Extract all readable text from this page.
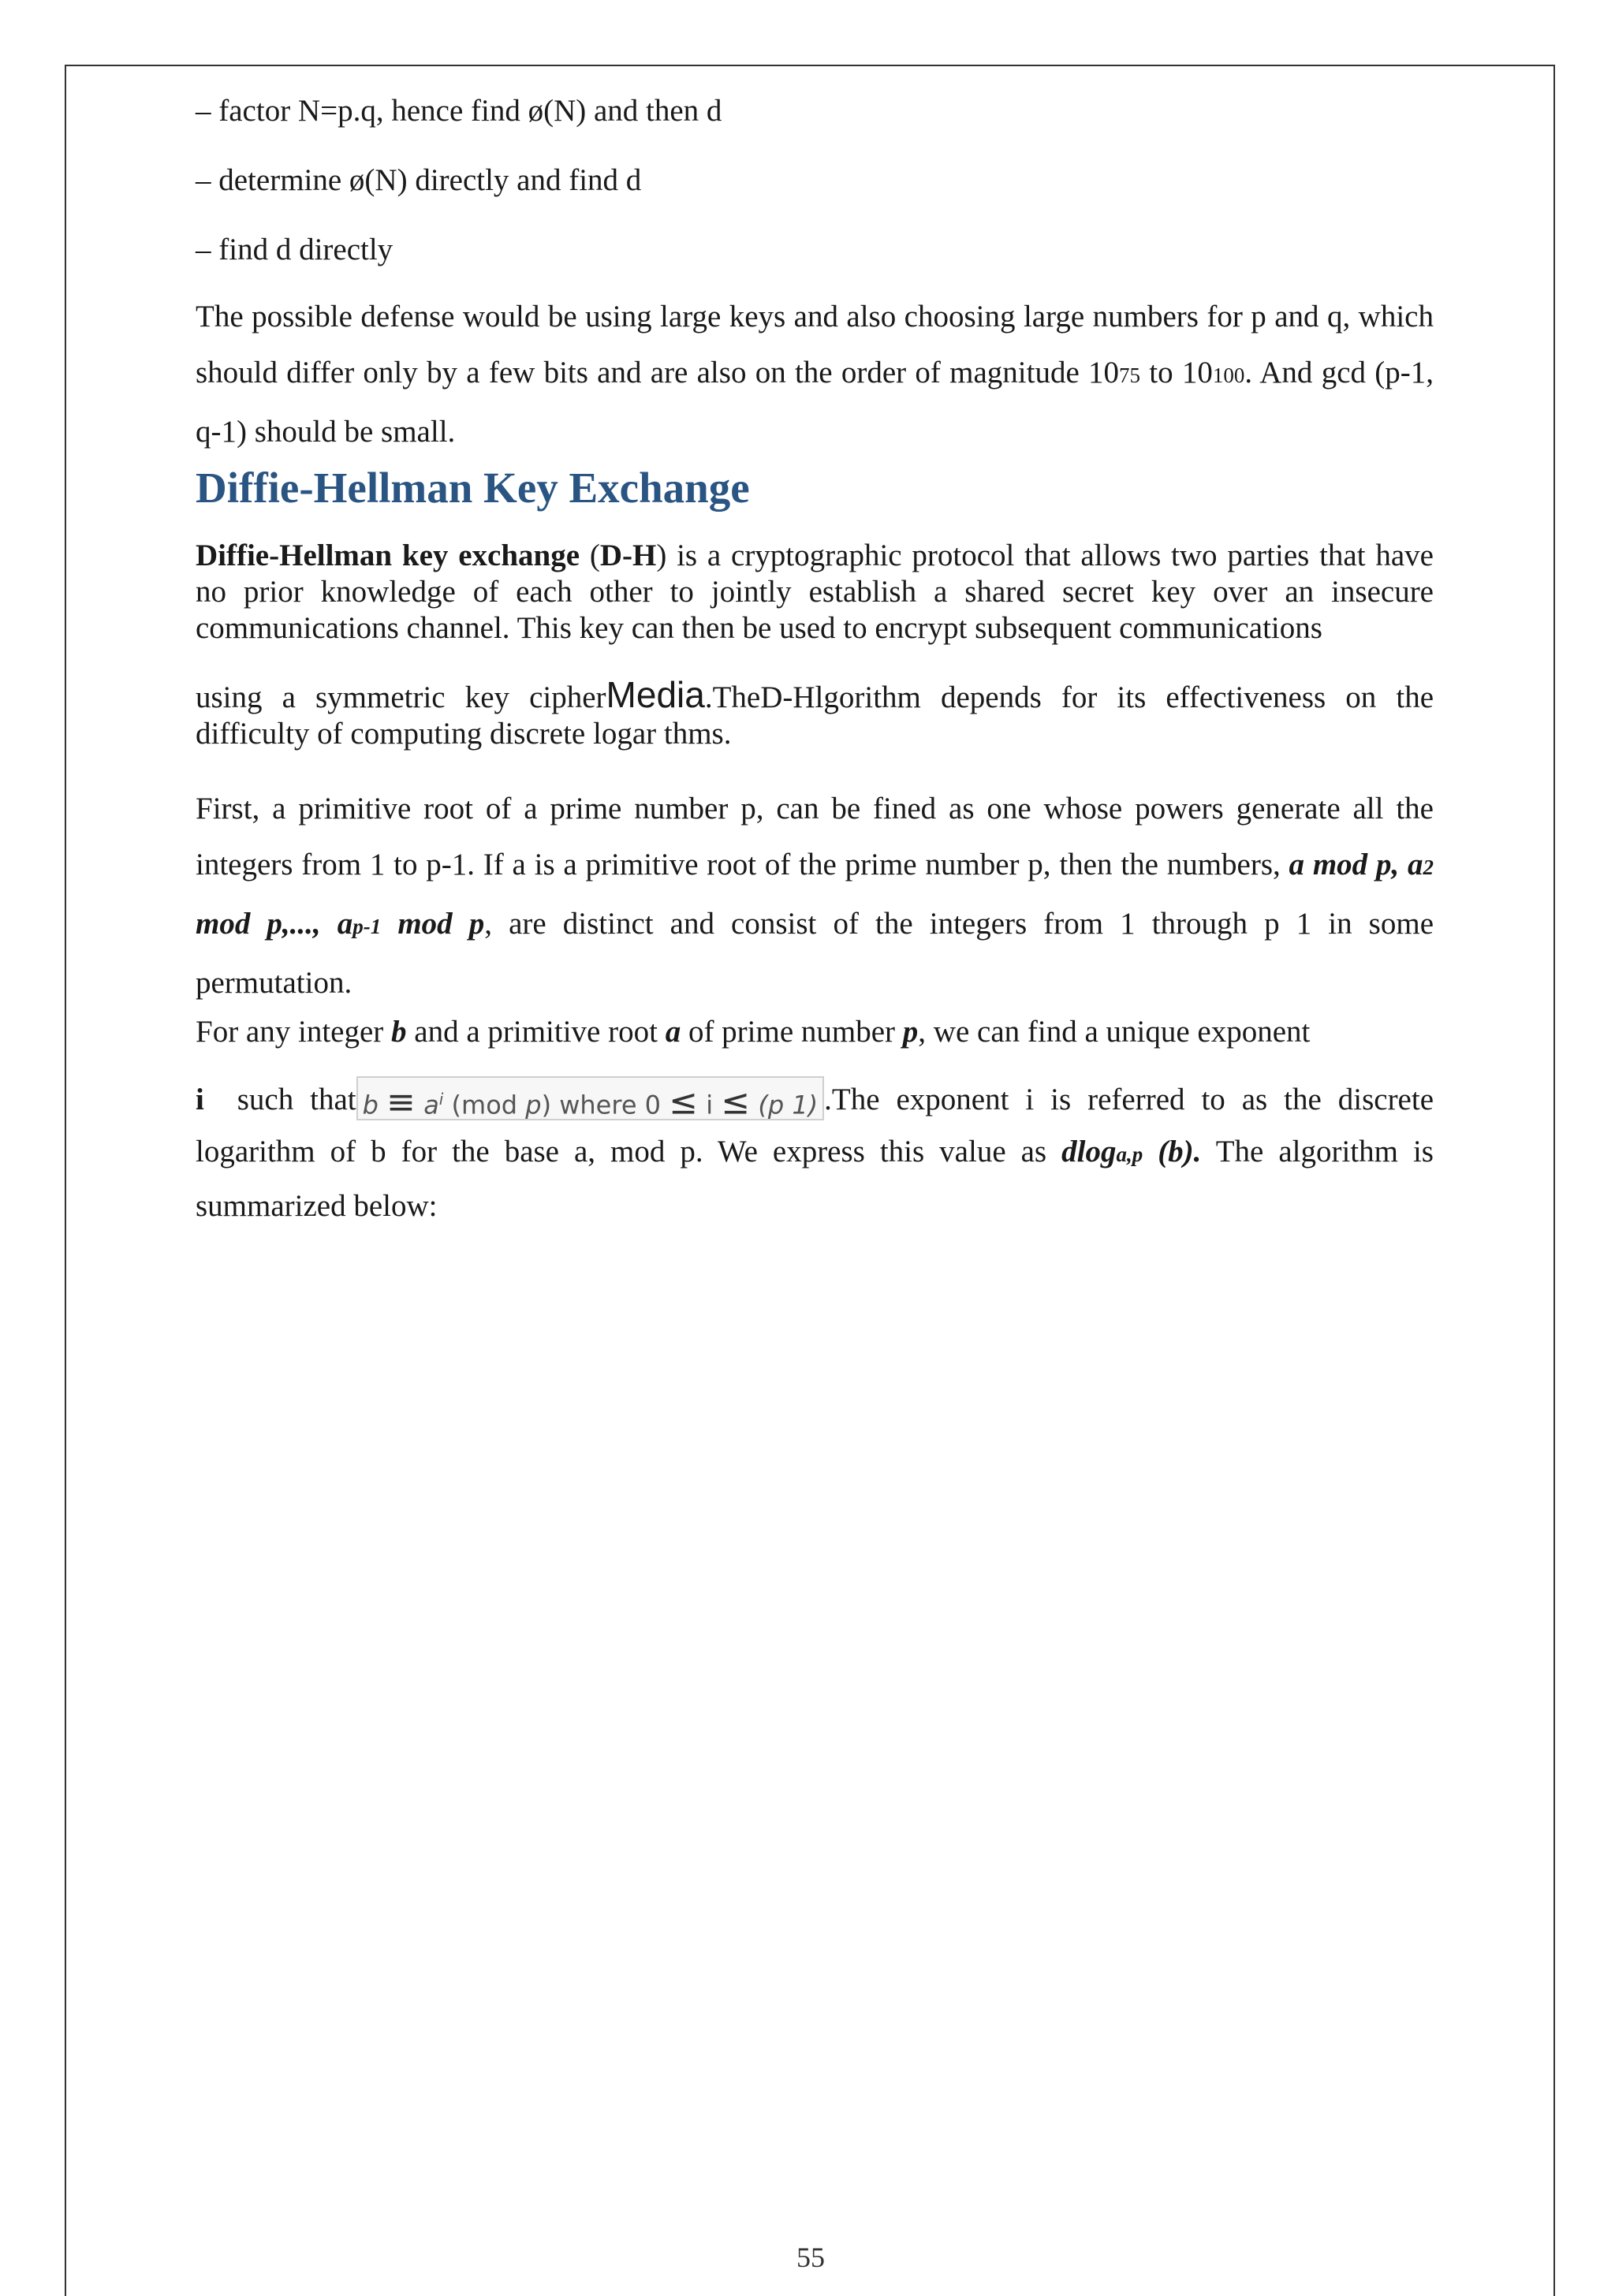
– factor N=p.q, hence find ø(N) and then d
– determine ø(N) directly and find d
– find d directly
The possible defense would be using large keys and also choosing large numbers for p and q, which should differ only by a few bits and are also on the order of magnitude 1075 to 10100. And gcd (p-1, q-1) should be small.
Diffie-Hellman Key Exchange
Diffie-Hellman key exchange (D-H) is a cryptographic protocol that allows two parties that have no prior knowledge of each other to jointly establish a shared secret key over an insecure communications channel. This key can then be used to encrypt subsequent communications
using a symmetric key cipherMedia.TheD-Hlgorithm depends for its effectiveness on the difficulty of computing discrete logar thms.
First, a primitive root of a prime number p, can be fined as one whose powers generate all the integers from 1 to p-1. If a is a primitive root of the prime number p, then the numbers, a mod p, a2 mod p,..., ap-1 mod p, are distinct and consist of the integers from 1 through p 1 in some permutation.
For any integer b and a primitive root a of prime number p, we can find a unique exponent
i such that $b \equiv a^i$ (mod p) where 0 ≤ i ≤ (p 1) .The exponent i is referred to as the discrete logarithm of b for the base a, mod p. We express this value as dloga,p (b). The algorithm is summarized below:
55
